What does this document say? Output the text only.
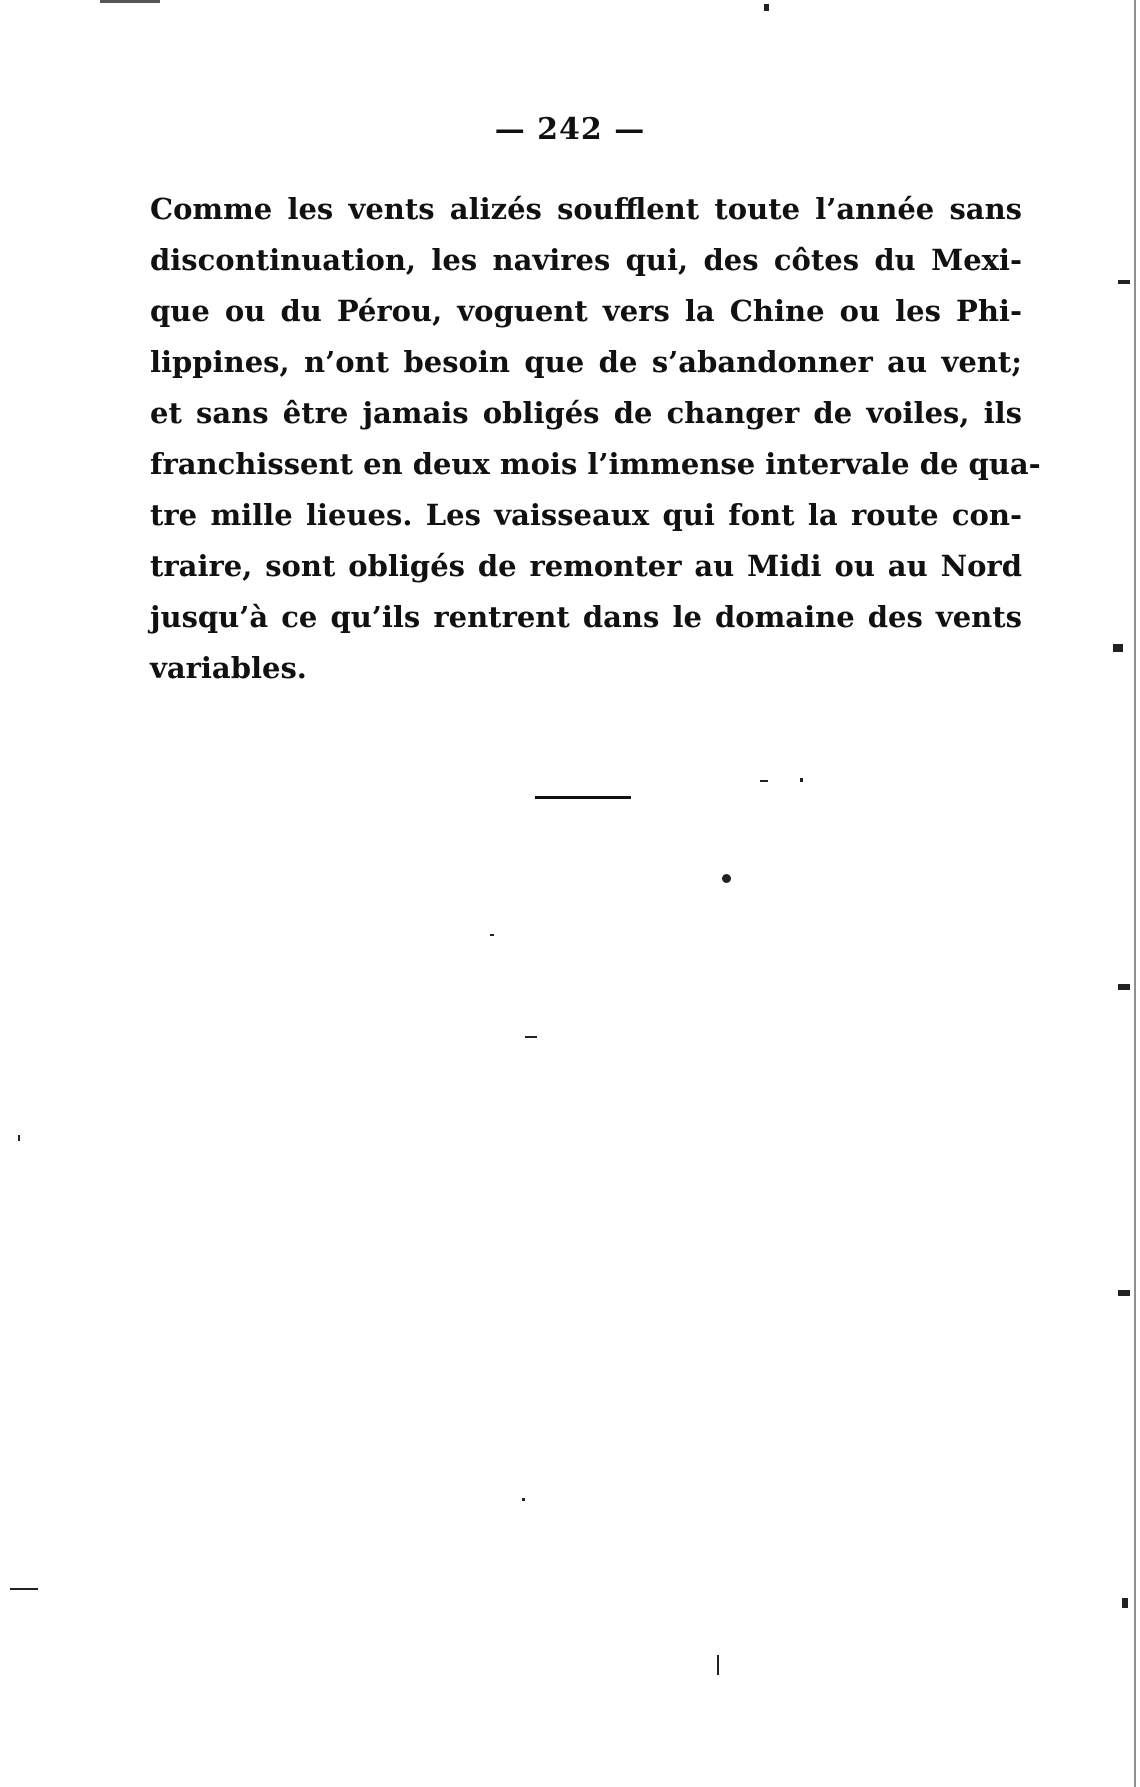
— 242 —
Comme les vents alizés soufflent toute l’année sans
discontinuation, les navires qui, des côtes du Mexi-
que ou du Pérou, voguent vers la Chine ou les Phi-
lippines, n’ont besoin que de s’abandonner au vent;
et sans être jamais obligés de changer de voiles, ils
franchissent en deux mois l’immense intervale de qua-
tre mille lieues. Les vaisseaux qui font la route con-
traire, sont obligés de remonter au Midi ou au Nord
jusqu’à ce qu’ils rentrent dans le domaine des vents
variables.
